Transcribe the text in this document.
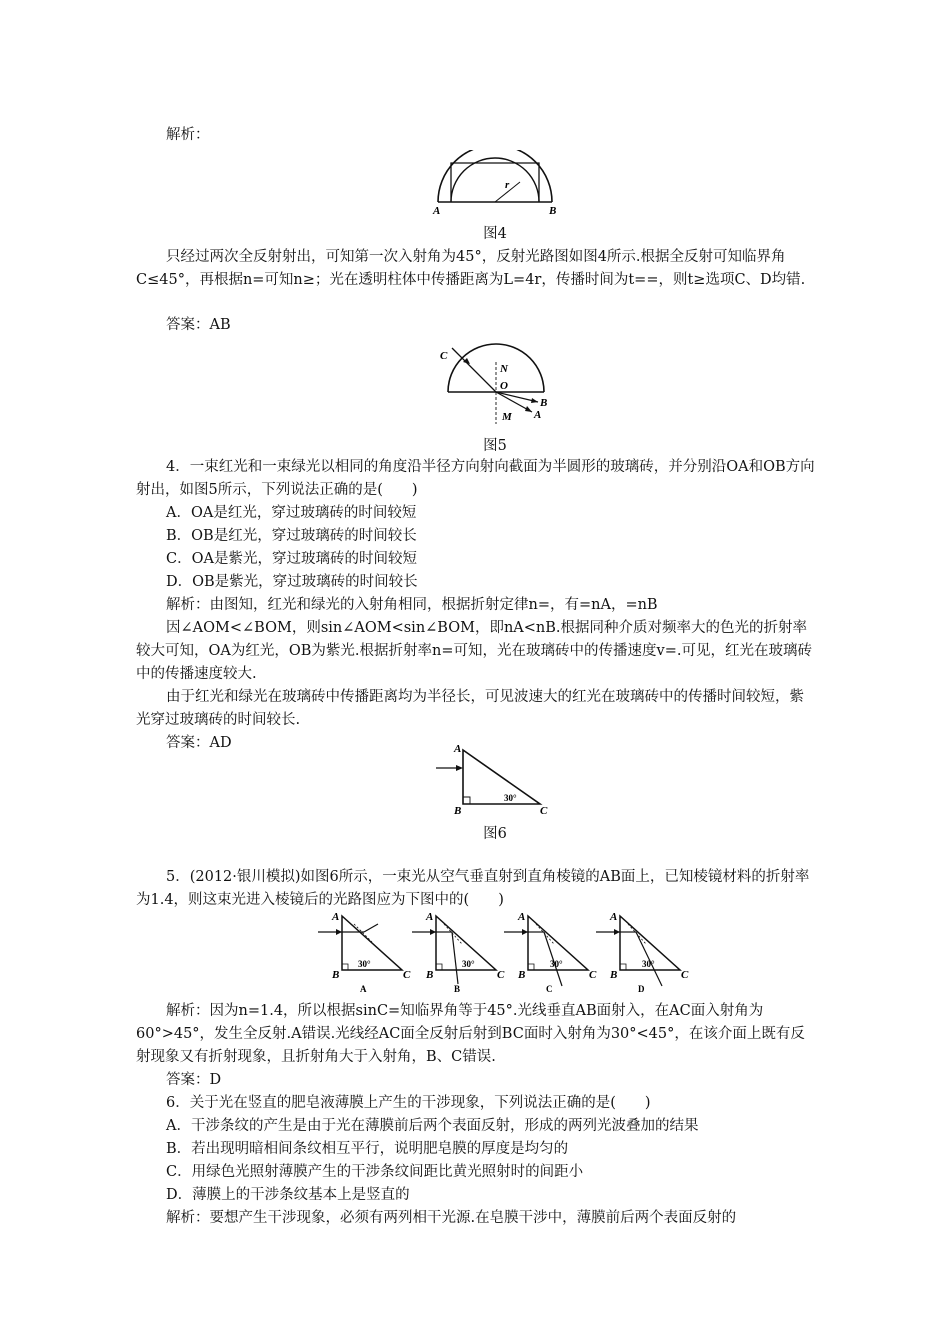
解析：

A	B
r
图4

只经过两次全反射射出，可知第一次入射角为45°，反射光路图如图4所示.根据全反射可知临界角C≤45°，再根据n=可知n≥；光在透明柱体中传播距离为L=4r，传播时间为t==，则t≥选项C、D均错.

答案：AB

C
N
O
M
B
A
图5

4．一束红光和一束绿光以相同的角度沿半径方向射向截面为半圆形的玻璃砖，并分别沿OA和OB方向射出，如图5所示，下列说法正确的是(　　)

A．OA是红光，穿过玻璃砖的时间较短

B．OB是红光，穿过玻璃砖的时间较长

C．OA是紫光，穿过玻璃砖的时间较短

D．OB是紫光，穿过玻璃砖的时间较长

解析：由图知，红光和绿光的入射角相同，根据折射定律n=，有=nA，=nB

因∠AOM<∠BOM，则sin∠AOM<sin∠BOM，即nA<nB.根据同种介质对频率大的色光的折射率较大可知，OA为红光，OB为紫光.根据折射率n=可知，光在玻璃砖中的传播速度v=.可见，红光在玻璃砖中的传播速度较大.

由于红光和绿光在玻璃砖中传播距离均为半径长，可见波速大的红光在玻璃砖中的传播时间较短，紫光穿过玻璃砖的时间较长.

答案：AD	A
B	C
30°
图6

5．(2012·银川模拟)如图6所示，一束光从空气垂直射到直角棱镜的AB面上，已知棱镜材料的折射率为1.4，则这束光进入棱镜后的光路图应为下图中的(　　)

A
B	C
30°
A
A
B	C
30°
B
A
B	C
30°
C
A
B	C
30°
D

解析：因为n=1.4，所以根据sinC=知临界角等于45°.光线垂直AB面射入，在AC面入射角为60°>45°，发生全反射.A错误.光线经AC面全反射后射到BC面时入射角为30°<45°，在该介面上既有反射现象又有折射现象，且折射角大于入射角，B、C错误.

答案：D

6．关于光在竖直的肥皂液薄膜上产生的干涉现象，下列说法正确的是(　　)

A．干涉条纹的产生是由于光在薄膜前后两个表面反射，形成的两列光波叠加的结果

B．若出现明暗相间条纹相互平行，说明肥皂膜的厚度是均匀的

C．用绿色光照射薄膜产生的干涉条纹间距比黄光照射时的间距小

D．薄膜上的干涉条纹基本上是竖直的

解析：要想产生干涉现象，必须有两列相干光源.在皂膜干涉中，薄膜前后两个表面反射的
